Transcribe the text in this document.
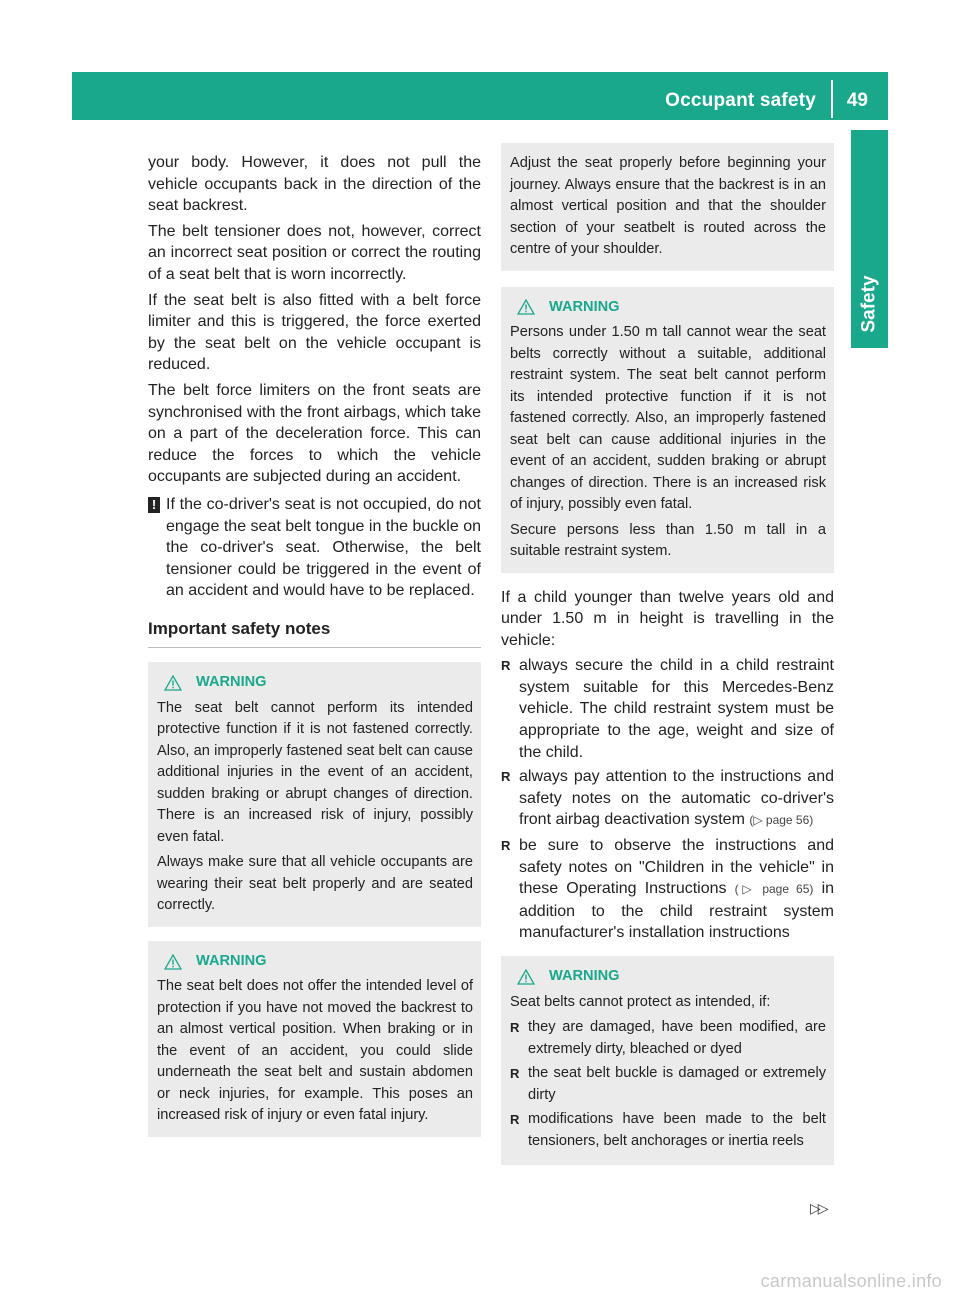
Occupant safety 49
Safety

your body. However, it does not pull the vehicle occupants back in the direction of the seat backrest.

The belt tensioner does not, however, correct an incorrect seat position or correct the routing of a seat belt that is worn incorrectly.

If the seat belt is also fitted with a belt force limiter and this is triggered, the force exerted by the seat belt on the vehicle occupant is reduced.

The belt force limiters on the front seats are synchronised with the front airbags, which take on a part of the deceleration force. This can reduce the forces to which the vehicle occupants are subjected during an accident.

! If the co-driver's seat is not occupied, do not engage the seat belt tongue in the buckle on the co-driver's seat. Otherwise, the belt tensioner could be triggered in the event of an accident and would have to be replaced.
Important safety notes
WARNING

The seat belt cannot perform its intended protective function if it is not fastened correctly. Also, an improperly fastened seat belt can cause additional injuries in the event of an accident, sudden braking or abrupt changes of direction. There is an increased risk of injury, possibly even fatal.

Always make sure that all vehicle occupants are wearing their seat belt properly and are seated correctly.

WARNING

The seat belt does not offer the intended level of protection if you have not moved the backrest to an almost vertical position. When braking or in the event of an accident, you could slide underneath the seat belt and sustain abdomen or neck injuries, for example. This poses an increased risk of injury or even fatal injury.

Adjust the seat properly before beginning your journey. Always ensure that the backrest is in an almost vertical position and that the shoulder section of your seatbelt is routed across the centre of your shoulder.

WARNING

Persons under 1.50 m tall cannot wear the seat belts correctly without a suitable, additional restraint system. The seat belt cannot perform its intended protective function if it is not fastened correctly. Also, an improperly fastened seat belt can cause additional injuries in the event of an accident, sudden braking or abrupt changes of direction. There is an increased risk of injury, possibly even fatal.

Secure persons less than 1.50 m tall in a suitable restraint system.

If a child younger than twelve years old and under 1.50 m in height is travelling in the vehicle:

R always secure the child in a child restraint system suitable for this Mercedes-Benz vehicle. The child restraint system must be appropriate to the age, weight and size of the child.
R always pay attention to the instructions and safety notes on the automatic co-driver's front airbag deactivation system (▷ page 56)
R be sure to observe the instructions and safety notes on "Children in the vehicle" in these Operating Instructions (▷ page 65) in addition to the child restraint system manufacturer's installation instructions
WARNING

Seat belts cannot protect as intended, if:

R they are damaged, have been modified, are extremely dirty, bleached or dyed
R the seat belt buckle is damaged or extremely dirty
R modifications have been made to the belt tensioners, belt anchorages or inertia reels
▷▷
carmanualsonline.info
